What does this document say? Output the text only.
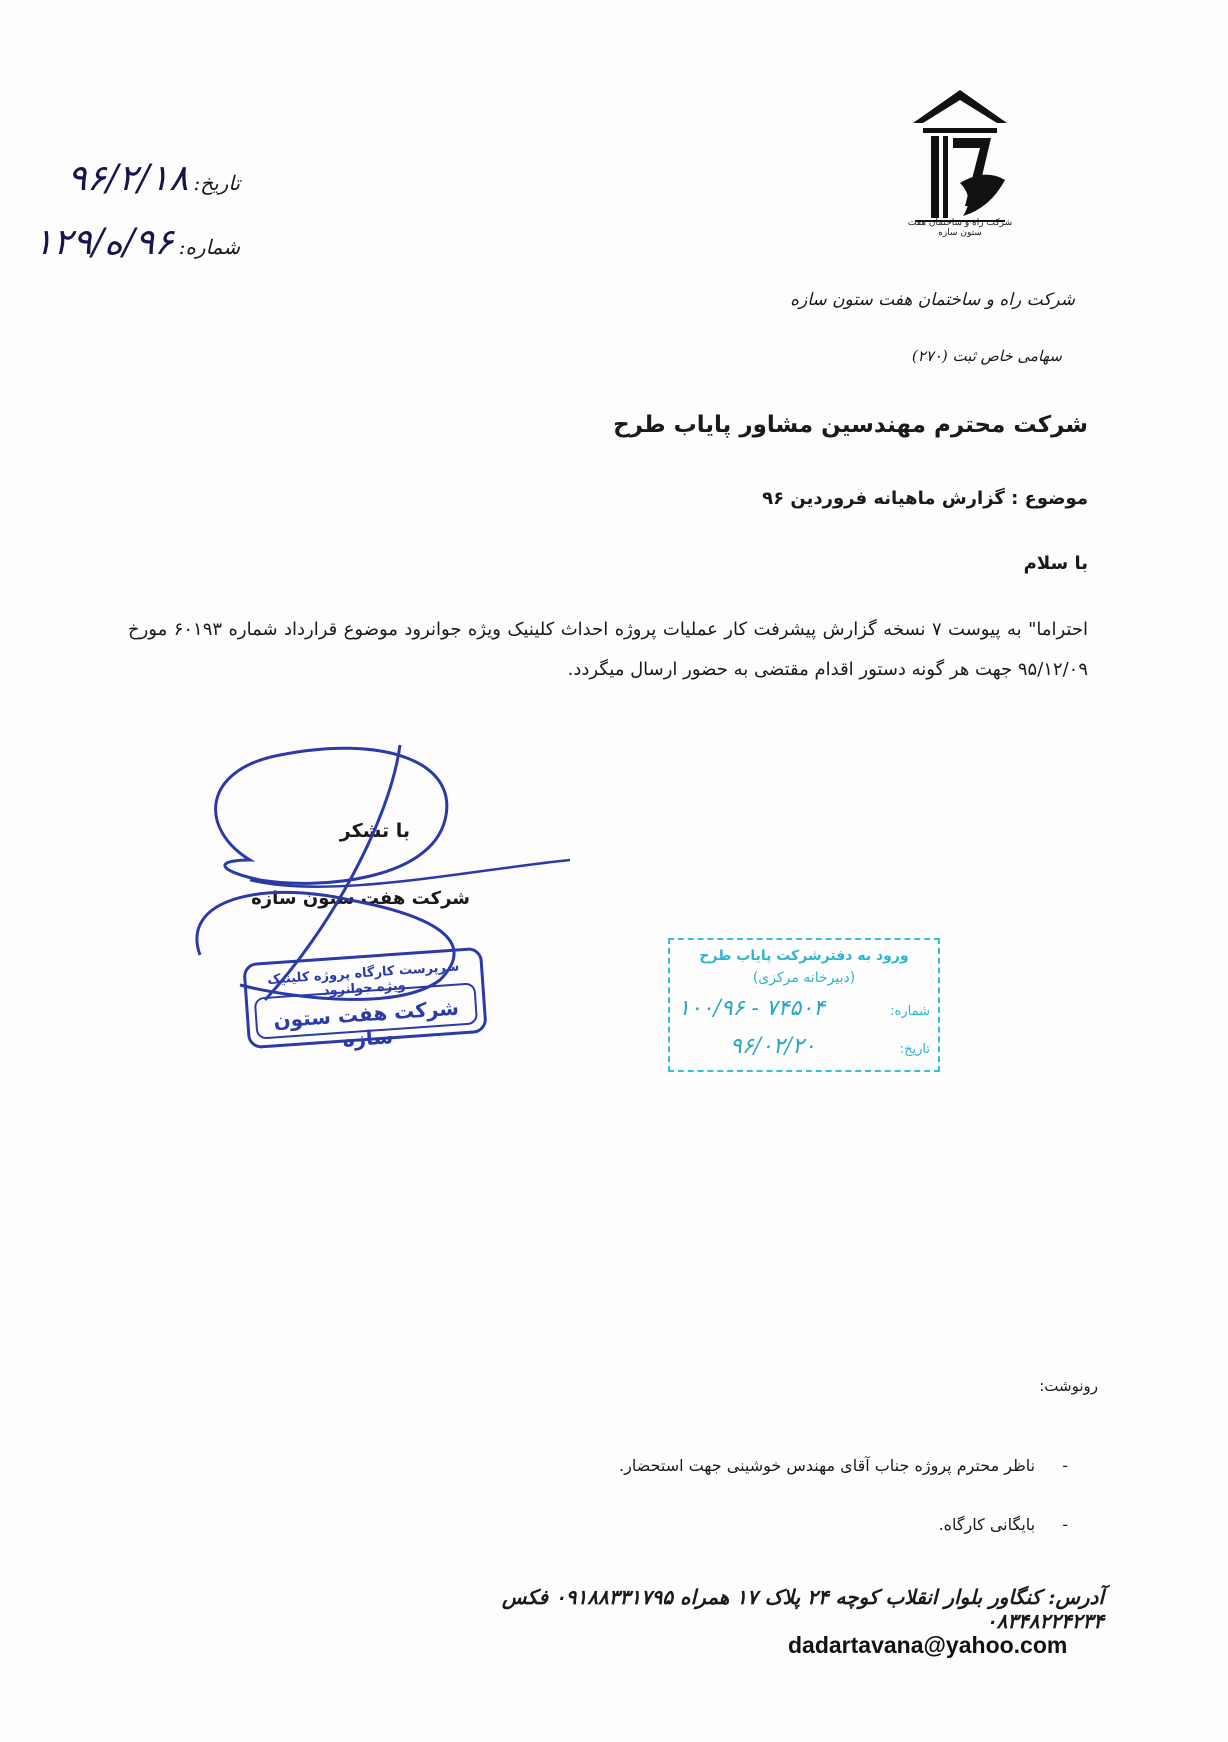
تاریخ: ۹۶/۲/۱۸
شماره: ۹۶/ه/۱۲۹	شرکت راه و ساختمان هفت ستون سازه
شرکت راه و ساختمان هفت ستون سازه
سهامی خاص ثبت (۲۷۰)
شرکت محترم مهندسین مشاور پایاب طرح
موضوع : گزارش ماهیانه فروردین ۹۶
با سلام
احتراما" به پیوست ۷ نسخه گزارش پیشرفت کار عملیات پروژه احداث کلینیک ویژه جوانرود موضوع قرارداد شماره ۶۰۱۹۳ مورخ ۹۵/۱۲/۰۹ جهت هر گونه دستور اقدام مقتضی به حضور ارسال میگردد.
با تشکر
شرکت هفت ستون سازه
سرپرست کارگاه پروژه کلینیک ویژه جوانرود
شرکت هفت ستون سازه
ورود به دفترشرکت پایاب طرح
(دبیرخانه مرکزی)
شماره:
۱۰۰/۹۶ - ۷۴۵۰۴
تاریخ:
۹۶/۰۲/۲۰
رونوشت:
- ناظر محترم پروژه جناب آقای مهندس خوشینی جهت استحضار.
- بایگانی کارگاه.
آدرس: کنگاور بلوار انقلاب کوچه ۲۴ پلاک ۱۷ همراه ۰۹۱۸۸۳۳۱۷۹۵ فکس ۰۸۳۴۸۲۲۴۲۳۴
dadartavana@yahoo.com
